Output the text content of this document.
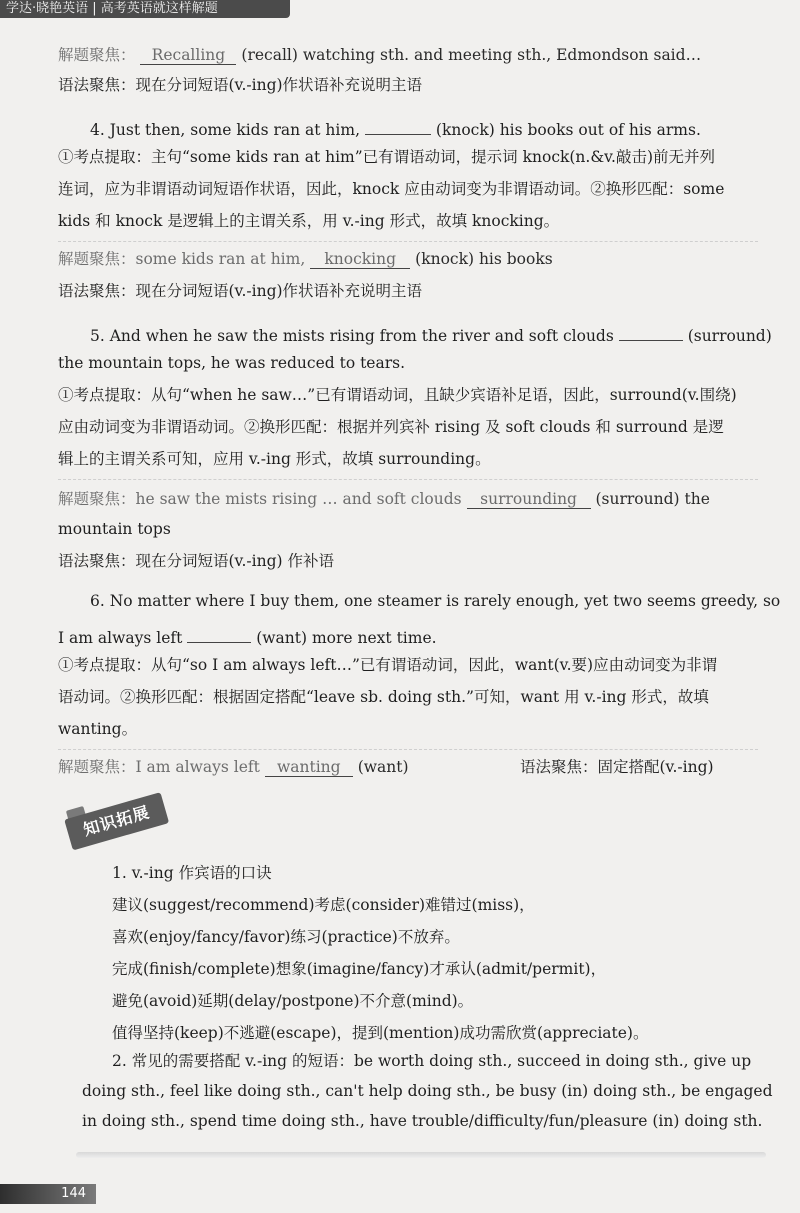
学达·晓艳英语 | 高考英语就这样解题
解题聚焦： Recalling (recall) watching sth. and meeting sth., Edmondson said…
语法聚焦：现在分词短语(v.-ing)作状语补充说明主语
4. Just then, some kids ran at him,	(knock) his books out of his arms.
①考点提取：主句“some kids ran at him”已有谓语动词，提示词 knock(n.&v.敲击)前无并列
连词，应为非谓语动词短语作状语，因此，knock 应由动词变为非谓语动词。②换形匹配：some
kids 和 knock 是逻辑上的主谓关系，用 v.-ing 形式，故填 knocking。
解题聚焦：some kids ran at him, knocking (knock) his books
语法聚焦：现在分词短语(v.-ing)作状语补充说明主语
5. And when he saw the mists rising from the river and soft clouds	(surround)
the mountain tops, he was reduced to tears.
①考点提取：从句“when he saw…”已有谓语动词，且缺少宾语补足语，因此，surround(v.围绕)
应由动词变为非谓语动词。②换形匹配：根据并列宾补 rising 及 soft clouds 和 surround 是逻
辑上的主谓关系可知，应用 v.-ing 形式，故填 surrounding。
解题聚焦：he saw the mists rising … and soft clouds surrounding (surround) the
mountain tops
语法聚焦：现在分词短语(v.-ing) 作补语
6. No matter where I buy them, one steamer is rarely enough, yet two seems greedy, so
I am always left	(want) more next time.
①考点提取：从句“so I am always left…”已有谓语动词，因此，want(v.要)应由动词变为非谓
语动词。②换形匹配：根据固定搭配“leave sb. doing sth.”可知，want 用 v.-ing 形式，故填
wanting。
解题聚焦：I am always left wanting (want)	语法聚焦：固定搭配(v.-ing)
知识拓展
1. v.-ing 作宾语的口诀
建议(suggest/recommend)考虑(consider)难错过(miss)，
喜欢(enjoy/fancy/favor)练习(practice)不放弃。
完成(finish/complete)想象(imagine/fancy)才承认(admit/permit)，
避免(avoid)延期(delay/postpone)不介意(mind)。
值得坚持(keep)不逃避(escape)，提到(mention)成功需欣赏(appreciate)。
2. 常见的需要搭配 v.-ing 的短语：be worth doing sth., succeed in doing sth., give up
doing sth., feel like doing sth., can't help doing sth., be busy (in) doing sth., be engaged
in doing sth., spend time doing sth., have trouble/difficulty/fun/pleasure (in) doing sth.
144
